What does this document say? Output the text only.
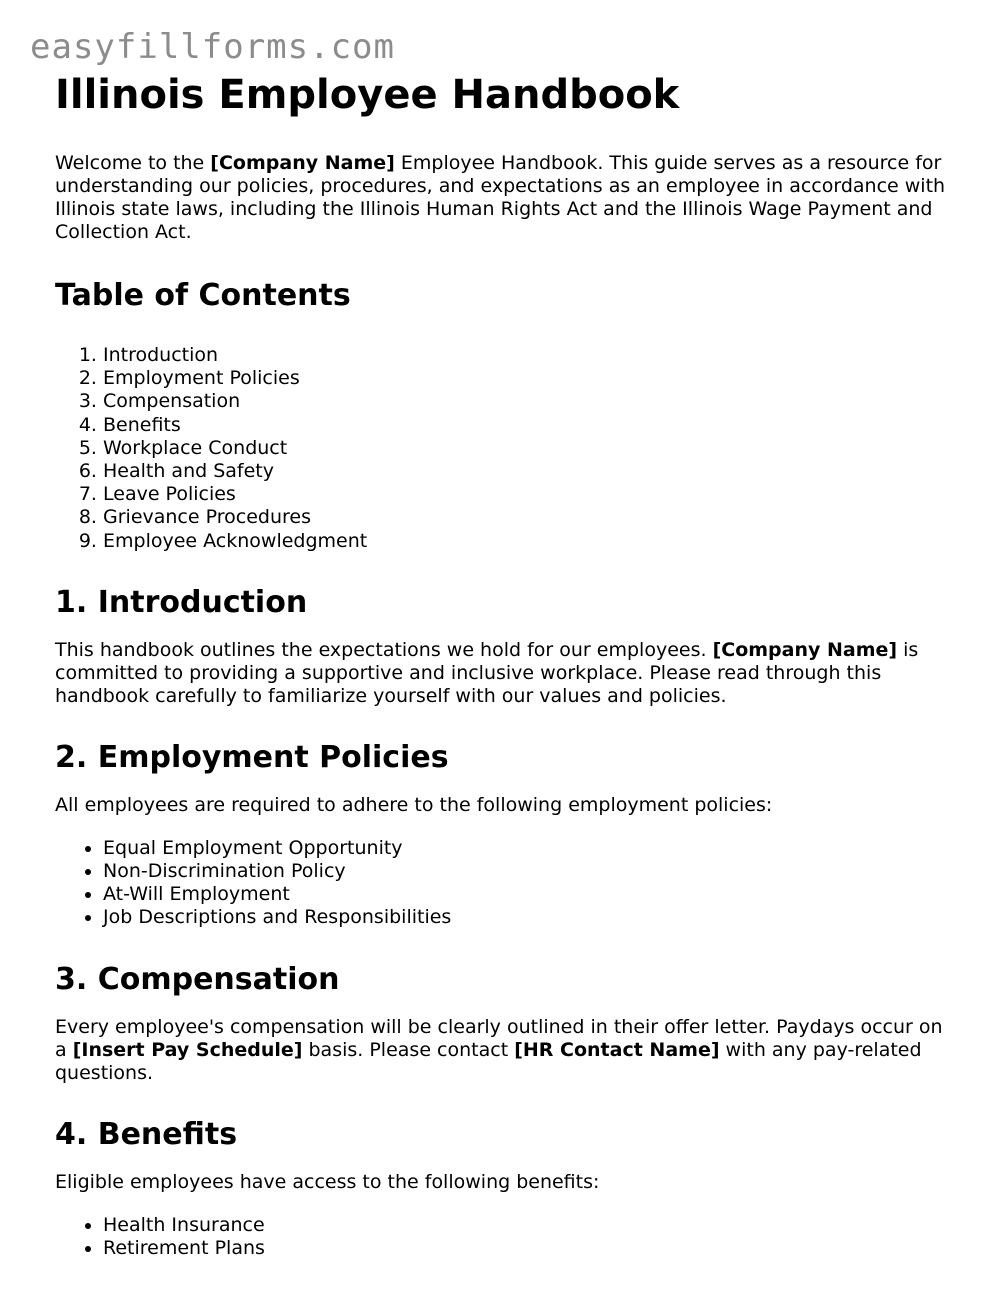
easyfillforms.com
Illinois Employee Handbook

Welcome to the [Company Name] Employee Handbook. This guide serves as a resource for understanding our policies, procedures, and expectations as an employee in accordance with Illinois state laws, including the Illinois Human Rights Act and the Illinois Wage Payment and Collection Act.

Table of Contents
1. Introduction
2. Employment Policies
3. Compensation
4. Benefits
5. Workplace Conduct
6. Health and Safety
7. Leave Policies
8. Grievance Procedures
9. Employee Acknowledgment
1. Introduction

This handbook outlines the expectations we hold for our employees. [Company Name] is committed to providing a supportive and inclusive workplace. Please read through this handbook carefully to familiarize yourself with our values and policies.

2. Employment Policies

All employees are required to adhere to the following employment policies:

• Equal Employment Opportunity
• Non-Discrimination Policy
• At-Will Employment
• Job Descriptions and Responsibilities
3. Compensation

Every employee's compensation will be clearly outlined in their offer letter. Paydays occur on a [Insert Pay Schedule] basis. Please contact [HR Contact Name] with any pay-related questions.

4. Benefits

Eligible employees have access to the following benefits:

• Health Insurance
• Retirement Plans
